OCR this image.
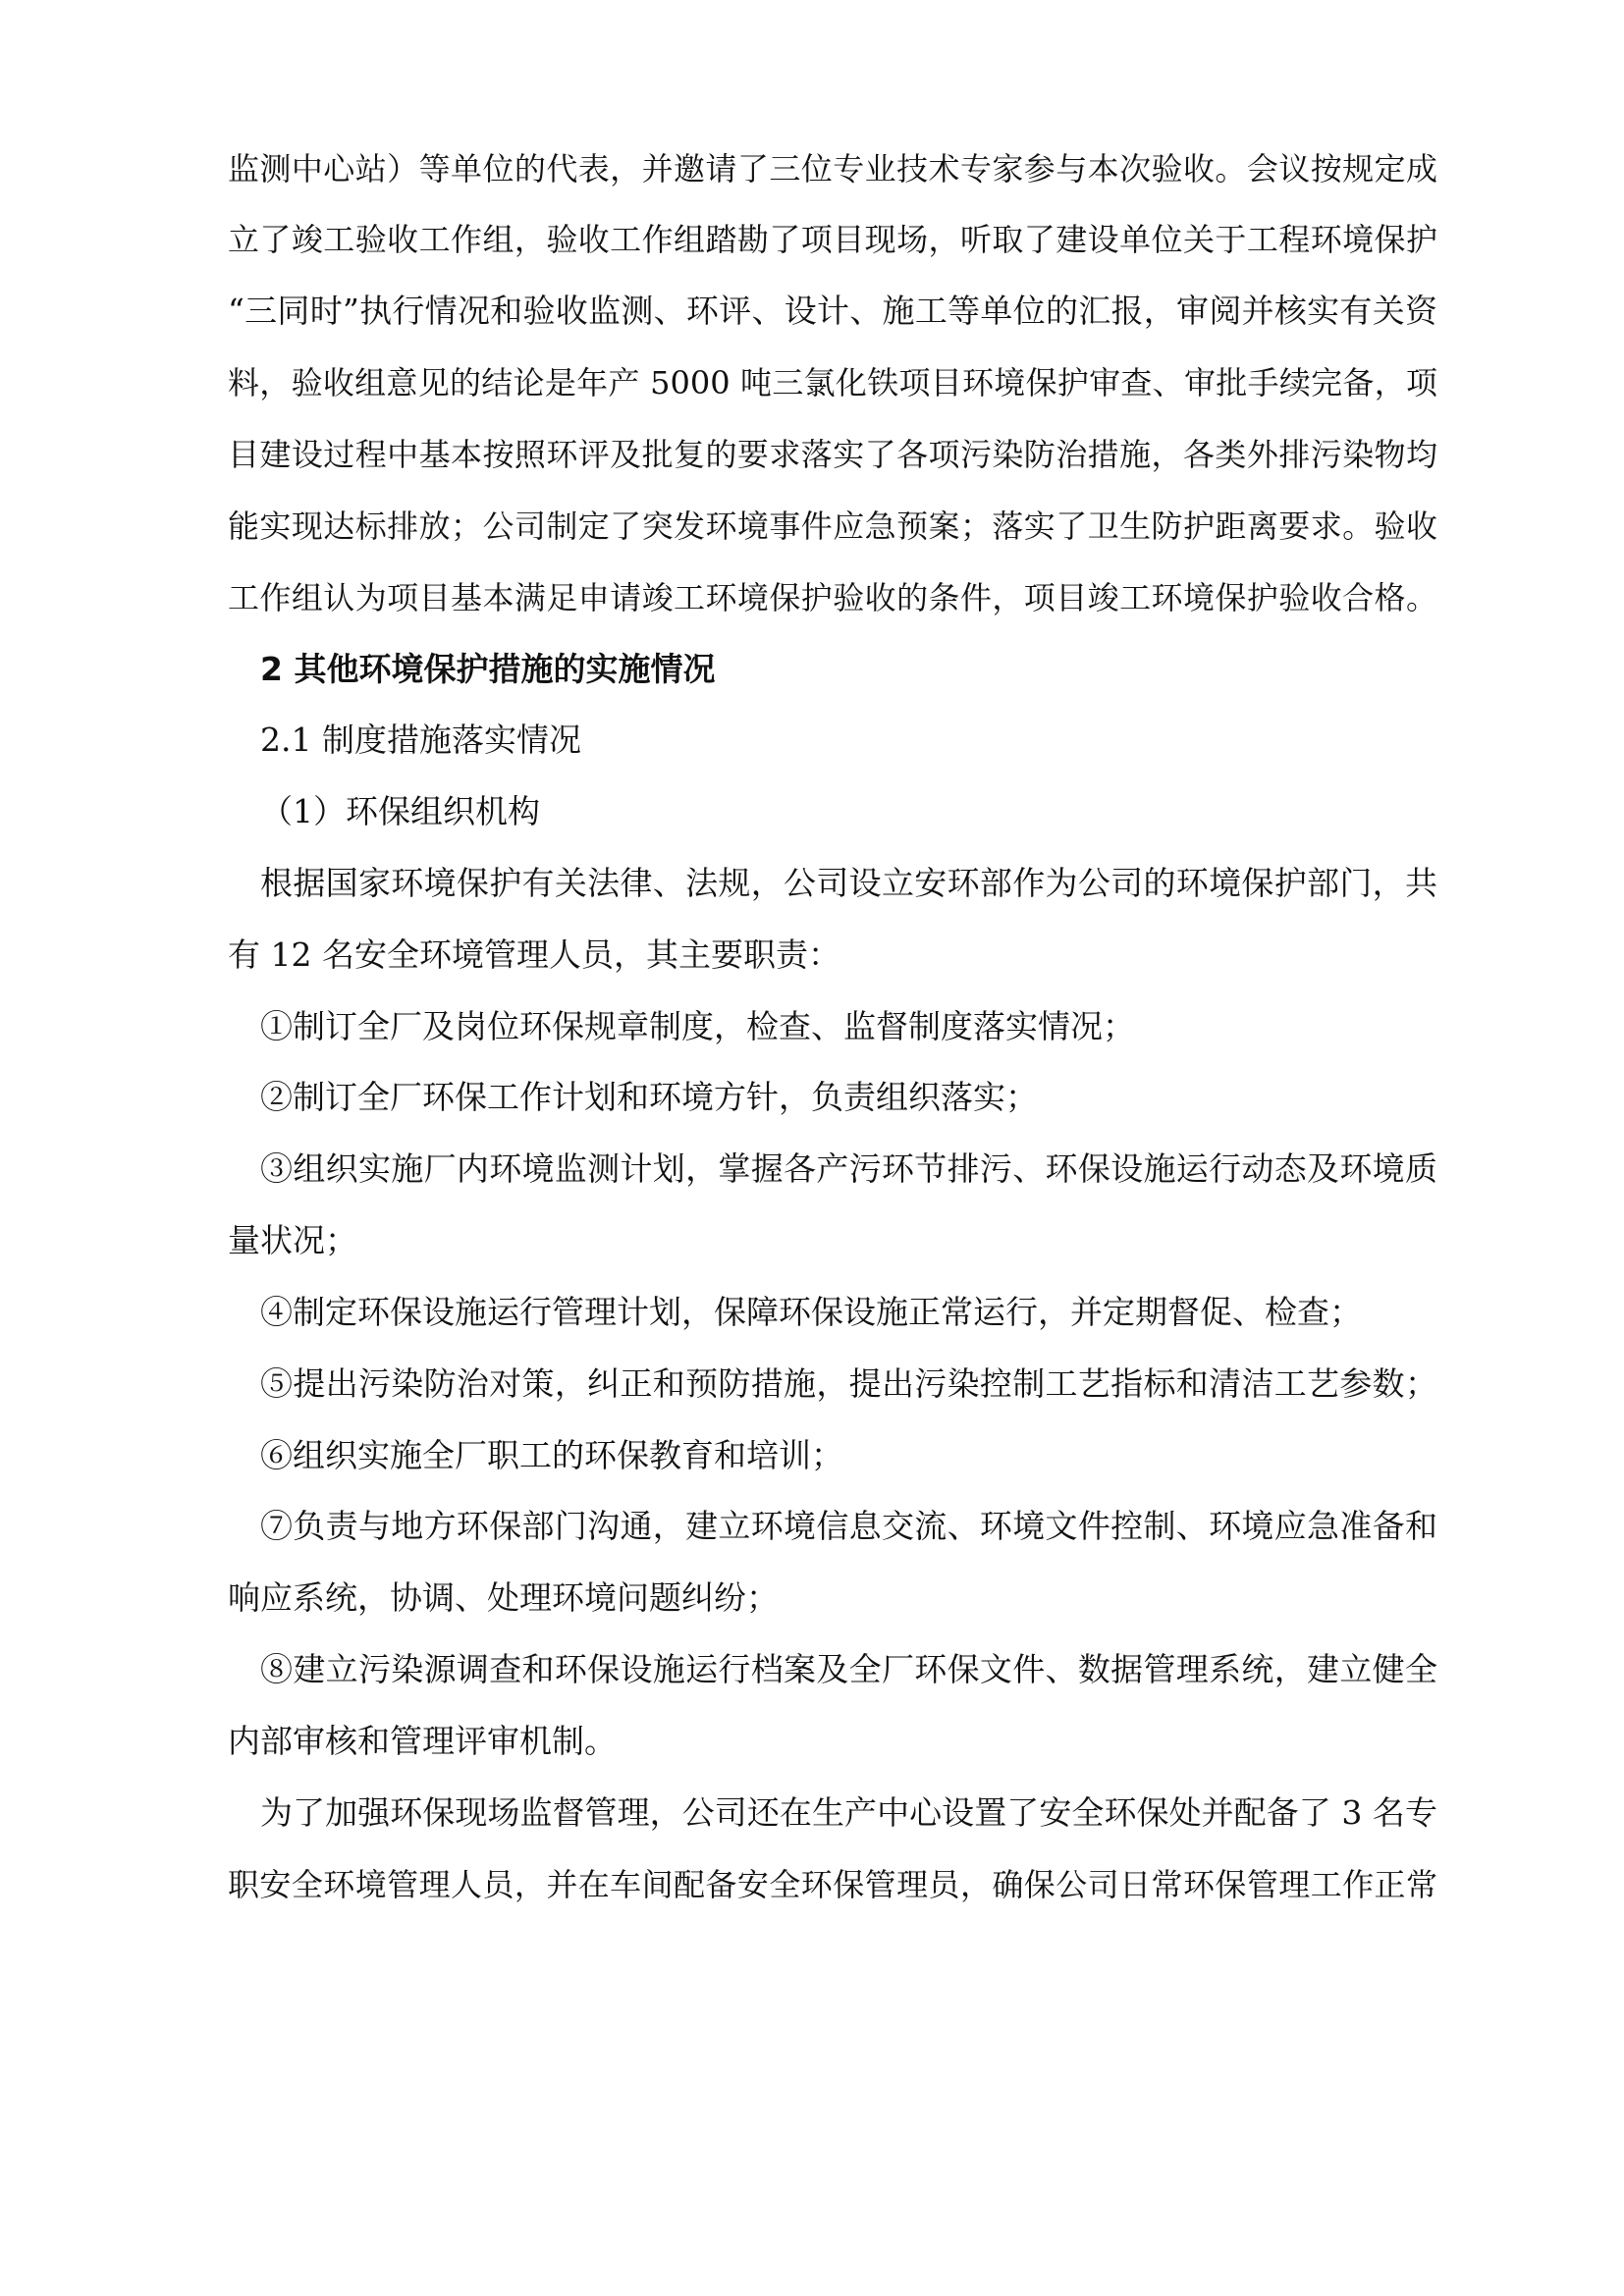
监测中心站）等单位的代表，并邀请了三位专业技术专家参与本次验收。会议按规定成

立了竣工验收工作组，验收工作组踏勘了项目现场，听取了建设单位关于工程环境保护

“三同时”执行情况和验收监测、环评、设计、施工等单位的汇报，审阅并核实有关资

料，验收组意见的结论是年产 5000 吨三氯化铁项目环境保护审查、审批手续完备，项

目建设过程中基本按照环评及批复的要求落实了各项污染防治措施，各类外排污染物均

能实现达标排放；公司制定了突发环境事件应急预案；落实了卫生防护距离要求。验收

工作组认为项目基本满足申请竣工环境保护验收的条件，项目竣工环境保护验收合格。

2 其他环境保护措施的实施情况

2.1 制度措施落实情况

（1）环保组织机构

根据国家环境保护有关法律、法规，公司设立安环部作为公司的环境保护部门，共

有 12 名安全环境管理人员，其主要职责：

①制订全厂及岗位环保规章制度，检查、监督制度落实情况；

②制订全厂环保工作计划和环境方针，负责组织落实；

③组织实施厂内环境监测计划，掌握各产污环节排污、环保设施运行动态及环境质

量状况；

④制定环保设施运行管理计划，保障环保设施正常运行，并定期督促、检查；

⑤提出污染防治对策，纠正和预防措施，提出污染控制工艺指标和清洁工艺参数；

⑥组织实施全厂职工的环保教育和培训；

⑦负责与地方环保部门沟通，建立环境信息交流、环境文件控制、环境应急准备和

响应系统，协调、处理环境问题纠纷；

⑧建立污染源调查和环保设施运行档案及全厂环保文件、数据管理系统，建立健全

内部审核和管理评审机制。

为了加强环保现场监督管理，公司还在生产中心设置了安全环保处并配备了 3 名专

职安全环境管理人员，并在车间配备安全环保管理员，确保公司日常环保管理工作正常
